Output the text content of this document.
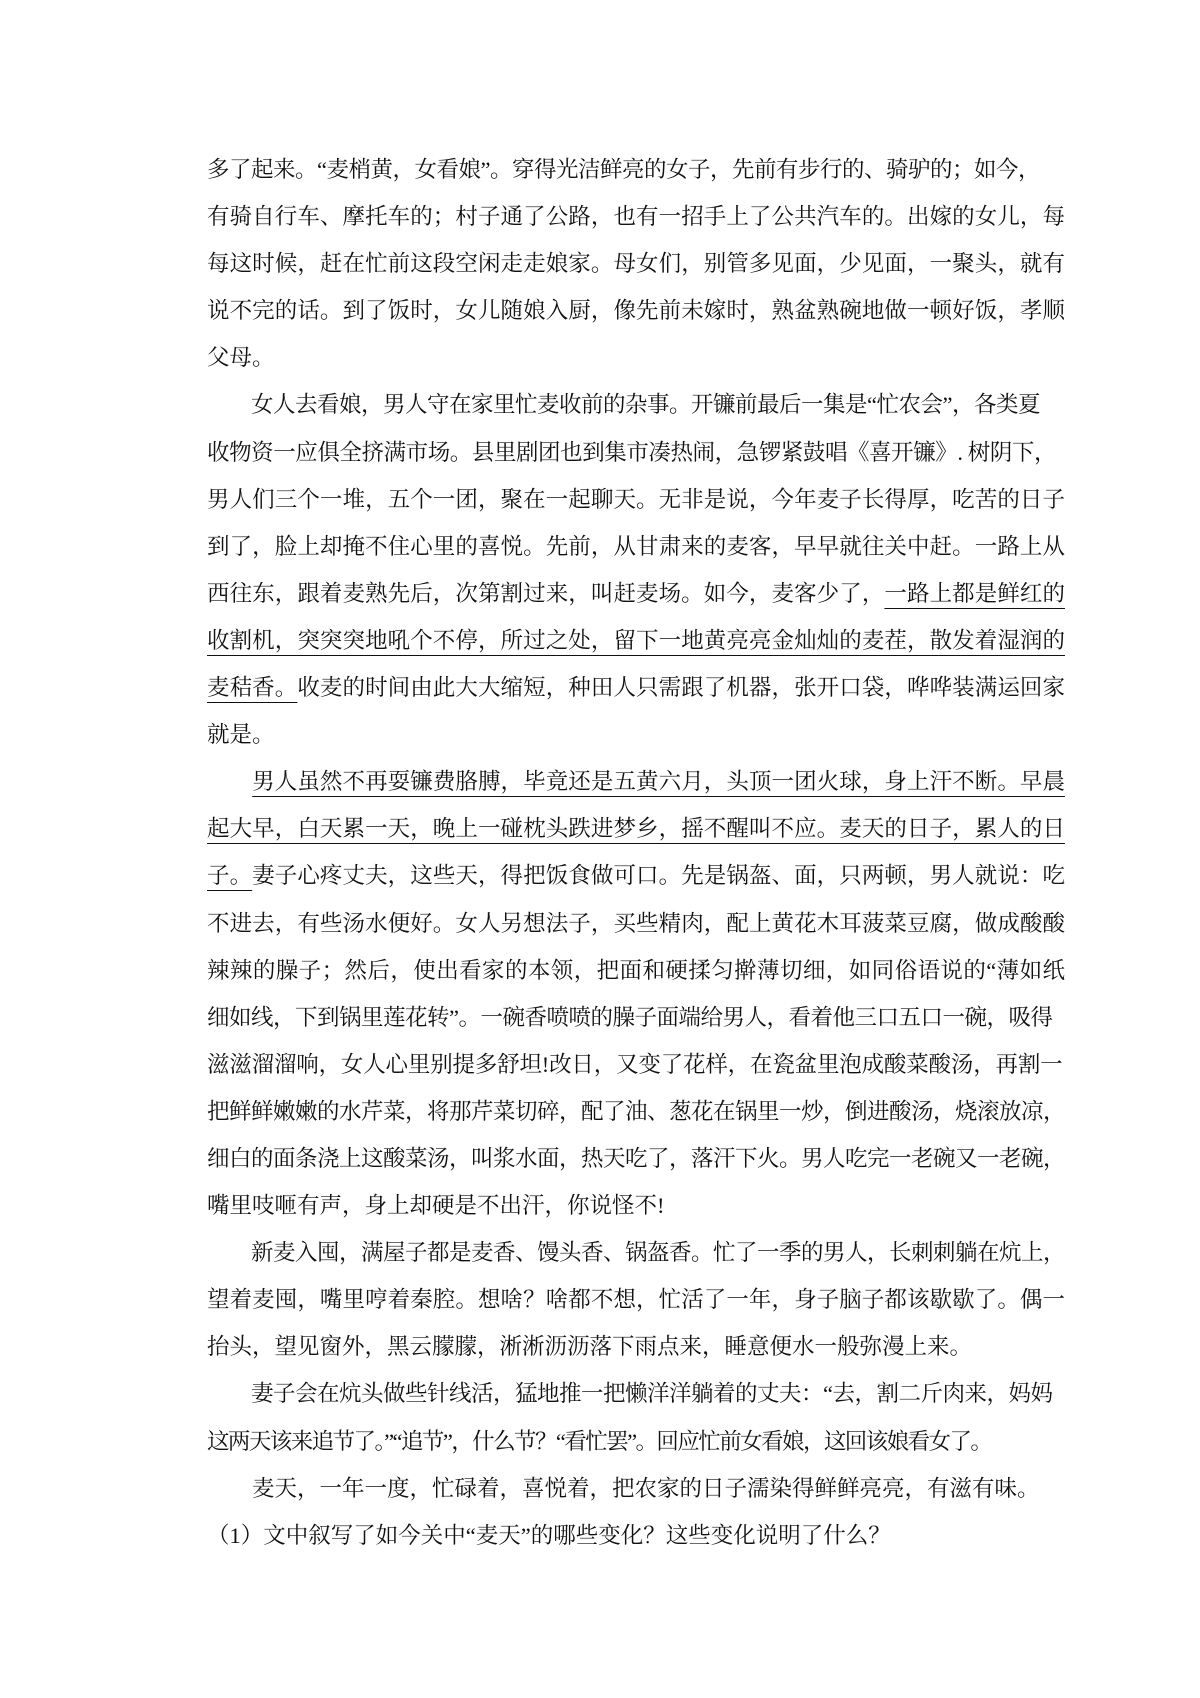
多了起来。“麦梢黄，女看娘”。穿得光洁鲜亮的女子，先前有步行的、骑驴的；如今，
有骑自行车、摩托车的；村子通了公路，也有一招手上了公共汽车的。出嫁的女儿，每
每这时候，赶在忙前这段空闲走走娘家。母女们，别管多见面，少见面，一聚头，就有
说不完的话。到了饭时，女儿随娘入厨，像先前未嫁时，熟盆熟碗地做一顿好饭，孝顺
父母。
　　女人去看娘，男人守在家里忙麦收前的杂事。开镰前最后一集是“忙农会”，各类夏
收物资一应俱全挤满市场。县里剧团也到集市凑热闹，急锣紧鼓唱《喜开镰》. 树阴下，
男人们三个一堆，五个一团，聚在一起聊天。无非是说，今年麦子长得厚，吃苦的日子
到了，脸上却掩不住心里的喜悦。先前，从甘肃来的麦客，早早就往关中赶。一路上从
西往东，跟着麦熟先后，次第割过来，叫赶麦场。如今，麦客少了，一路上都是鲜红的
收割机，突突突地吼个不停，所过之处，留下一地黄亮亮金灿灿的麦茬，散发着湿润的
麦秸香。收麦的时间由此大大缩短，种田人只需跟了机器，张开口袋，哗哗装满运回家
就是。
　　男人虽然不再耍镰费胳膊，毕竟还是五黄六月，头顶一团火球，身上汗不断。早晨
起大早，白天累一天，晚上一碰枕头跌进梦乡，摇不醒叫不应。麦天的日子，累人的日
子。妻子心疼丈夫，这些天，得把饭食做可口。先是锅盔、面，只两顿，男人就说：吃
不进去，有些汤水便好。女人另想法子，买些精肉，配上黄花木耳菠菜豆腐，做成酸酸
辣辣的臊子；然后，使出看家的本领，把面和硬揉匀擀薄切细，如同俗语说的“薄如纸
细如线，下到锅里莲花转”。一碗香喷喷的臊子面端给男人，看着他三口五口一碗，吸得
滋滋溜溜响，女人心里别提多舒坦!改日，又变了花样，在瓷盆里泡成酸菜酸汤，再割一
把鲜鲜嫩嫩的水芹菜，将那芹菜切碎，配了油、葱花在锅里一炒，倒进酸汤，烧滚放凉，
细白的面条浇上这酸菜汤，叫浆水面，热天吃了，落汗下火。男人吃完一老碗又一老碗，
嘴里吱咂有声，身上却硬是不出汗，你说怪不!
　　新麦入囤，满屋子都是麦香、馒头香、锅盔香。忙了一季的男人，长刺刺躺在炕上，
望着麦囤，嘴里哼着秦腔。想啥？啥都不想，忙活了一年，身子脑子都该歇歇了。偶一
抬头，望见窗外，黑云朦朦，淅淅沥沥落下雨点来，睡意便水一般弥漫上来。
　　妻子会在炕头做些针线活，猛地推一把懒洋洋躺着的丈夫：“去，割二斤肉来，妈妈
这两天该来追节了。”“追节”，什么节？“看忙罢”。回应忙前女看娘，这回该娘看女了。
　　麦天，一年一度，忙碌着，喜悦着，把农家的日子濡染得鲜鲜亮亮，有滋有味。
（1）文中叙写了如今关中“麦天”的哪些变化？这些变化说明了什么？
